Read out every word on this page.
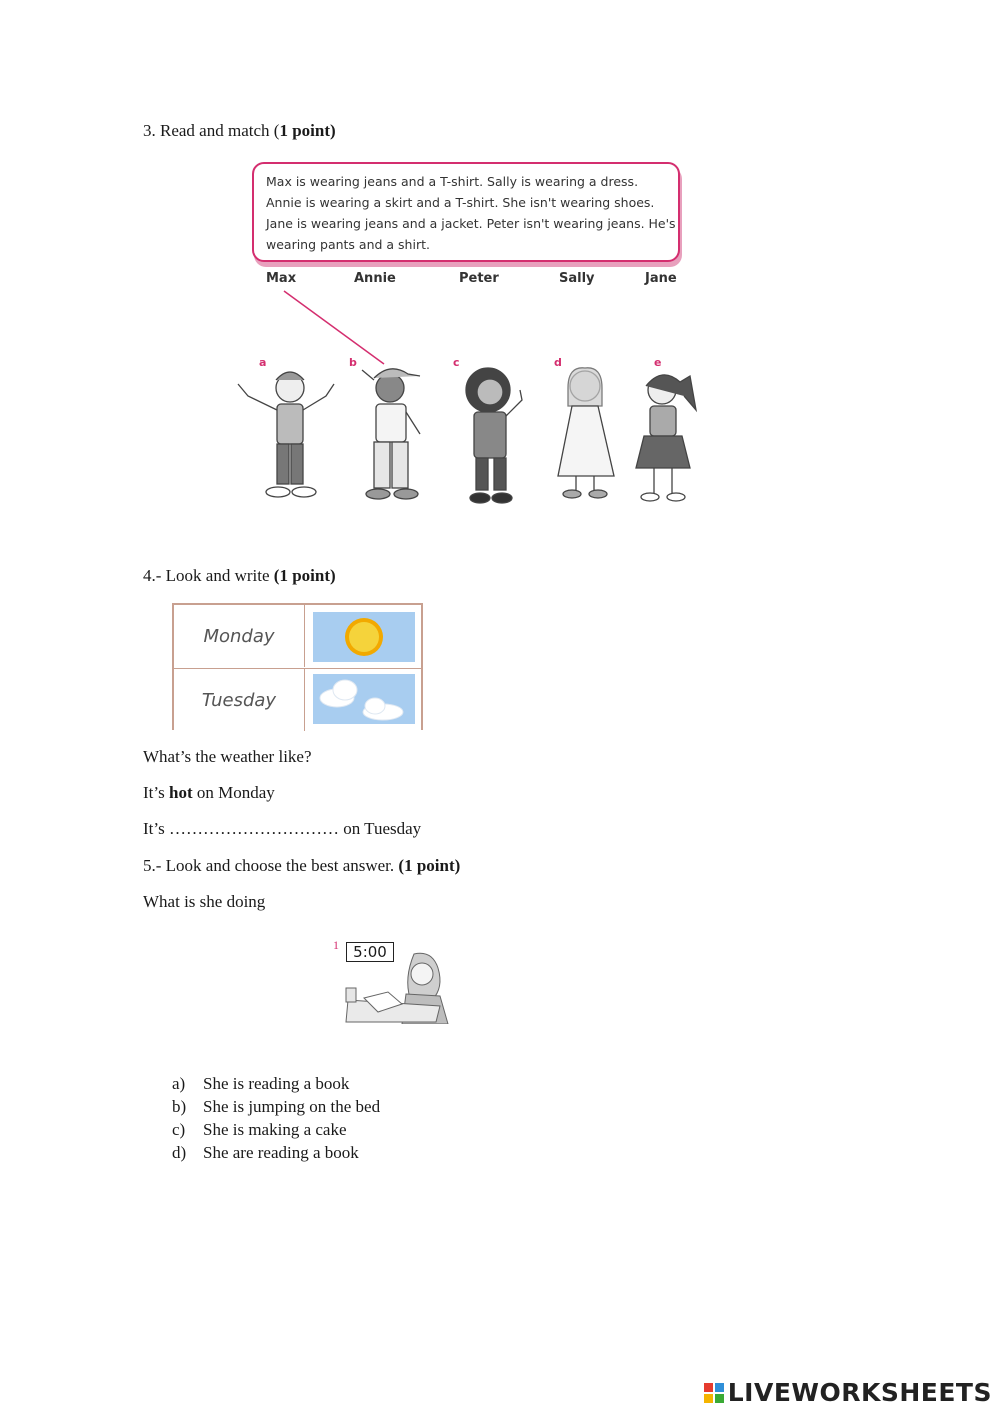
3. Read and match (1 point)
Max is wearing jeans and a T-shirt. Sally is wearing a dress. Annie is wearing a skirt and a T-shirt. She isn't wearing shoes. Jane is wearing jeans and a jacket. Peter isn't wearing jeans. He's wearing pants and a shirt.
Max	Annie	Peter	Sally	Jane
a	b	c	d	e
4.- Look and write (1 point)
Monday
Tuesday
What’s the weather like?
It’s hot on Monday
It’s ………………………… on Tuesday
5.- Look and choose the best answer. (1 point)
What is she doing
1 5:00
a) She is reading a book
b) She is jumping on the bed
c) She is making a cake
d) She are reading a book
LIVEWORKSHEETS
